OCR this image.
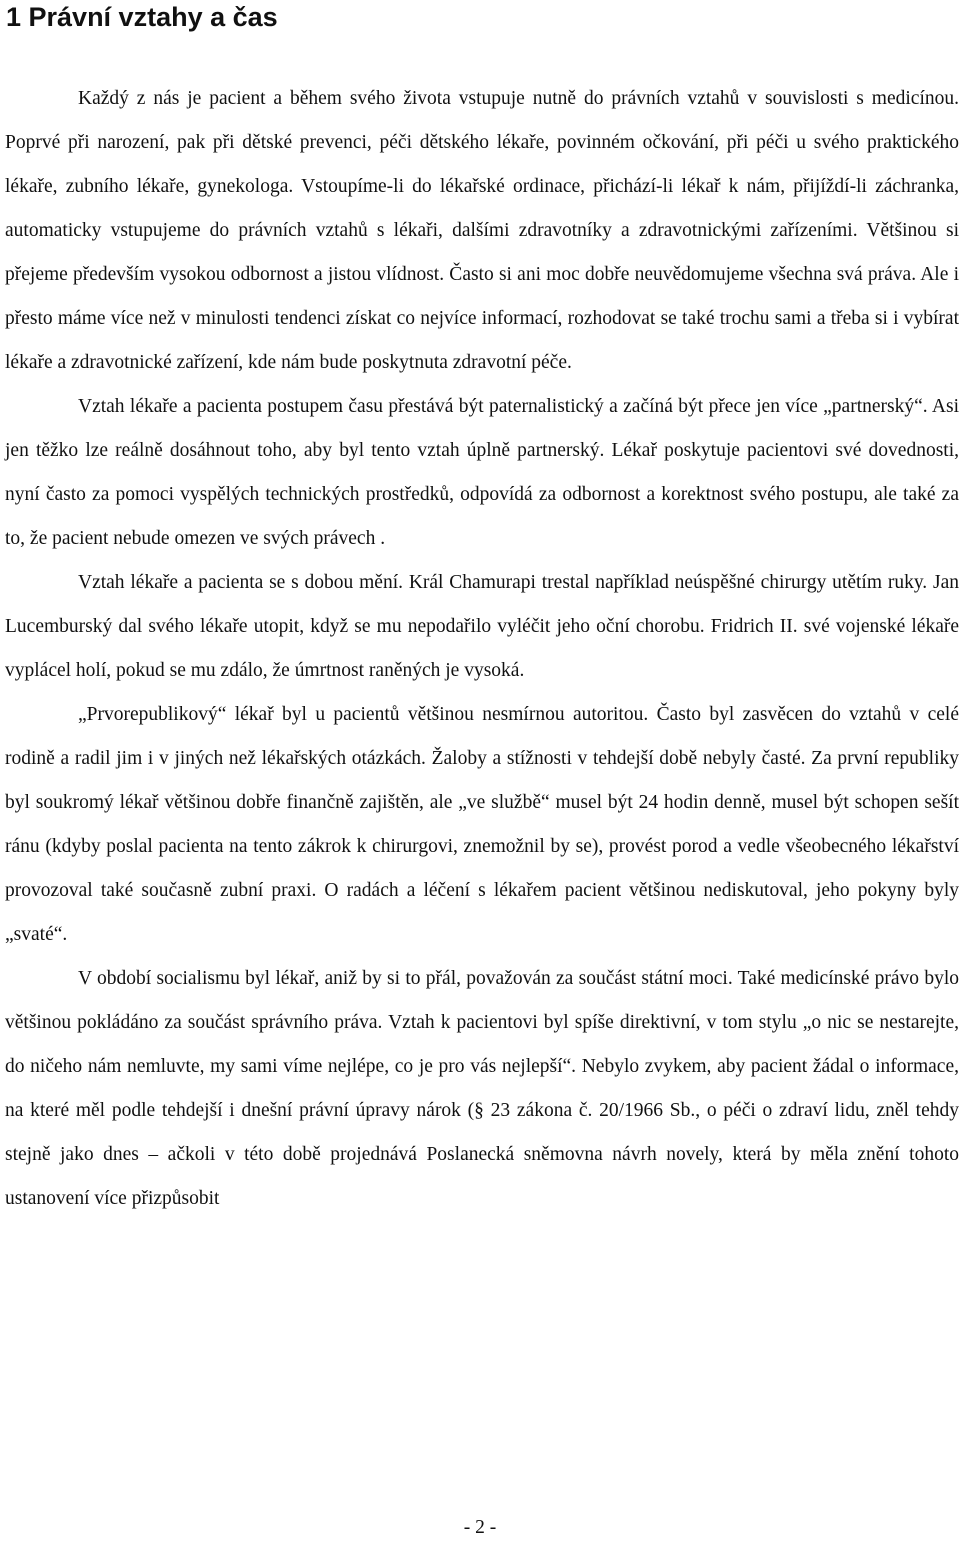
1 Právní vztahy a čas

Každý z nás je pacient a během svého života vstupuje nutně do právních vztahů v souvislosti s medicínou. Poprvé při narození, pak při dětské prevenci, péči dětského lékaře, povinném očkování, při péči u svého praktického lékaře, zubního lékaře, gynekologa. Vstoupíme-li do lékařské ordinace, přichází-li lékař k nám, přijíždí-li záchranka, automaticky vstupujeme do právních vztahů s lékaři, dalšími zdravotníky a zdravotnickými zařízeními. Většinou si přejeme především vysokou odbornost a jistou vlídnost. Často si ani moc dobře neuvědomujeme všechna svá práva. Ale i přesto máme více než v minulosti tendenci získat co nejvíce informací, rozhodovat se také trochu sami a třeba si i vybírat lékaře a zdravotnické zařízení, kde nám bude poskytnuta zdravotní péče.

Vztah lékaře a pacienta postupem času přestává být paternalistický a začíná být přece jen více „partnerský“. Asi jen těžko lze reálně dosáhnout toho, aby byl tento vztah úplně partnerský. Lékař poskytuje pacientovi své dovednosti, nyní často za pomoci vyspělých technických prostředků, odpovídá za odbornost a korektnost svého postupu, ale také za to, že pacient nebude omezen ve svých právech .

Vztah lékaře a pacienta se s dobou mění. Král Chamurapi trestal například neúspěšné chirurgy utětím ruky. Jan Lucemburský dal svého lékaře utopit, když se mu nepodařilo vyléčit jeho oční chorobu. Fridrich II. své vojenské lékaře vyplácel holí, pokud se mu zdálo, že úmrtnost raněných je vysoká.

„Prvorepublikový“ lékař byl u pacientů většinou nesmírnou autoritou. Často byl zasvěcen do vztahů v celé rodině a radil jim i v jiných než lékařských otázkách. Žaloby a stížnosti v tehdejší době nebyly časté. Za první republiky byl soukromý lékař většinou dobře finančně zajištěn, ale „ve službě“ musel být 24 hodin denně, musel být schopen sešít ránu (kdyby poslal pacienta na tento zákrok k chirurgovi, znemožnil by se), provést porod a vedle všeobecného lékařství provozoval také současně zubní praxi. O radách a léčení s lékařem pacient většinou nediskutoval, jeho pokyny byly „svaté“.

V období socialismu byl lékař, aniž by si to přál, považován za součást státní moci. Také medicínské právo bylo většinou pokládáno za součást správního práva. Vztah k pacientovi byl spíše direktivní, v tom stylu „o nic se nestarejte, do ničeho nám nemluvte, my sami víme nejlépe, co je pro vás nejlepší“. Nebylo zvykem, aby pacient žádal o informace, na které měl podle tehdejší i dnešní právní úpravy nárok (§ 23 zákona č. 20/1966 Sb., o péči o zdraví lidu, zněl tehdy stejně jako dnes – ačkoli v této době projednává Poslanecká sněmovna návrh novely, která by měla znění tohoto ustanovení více přizpůsobit

- 2 -
